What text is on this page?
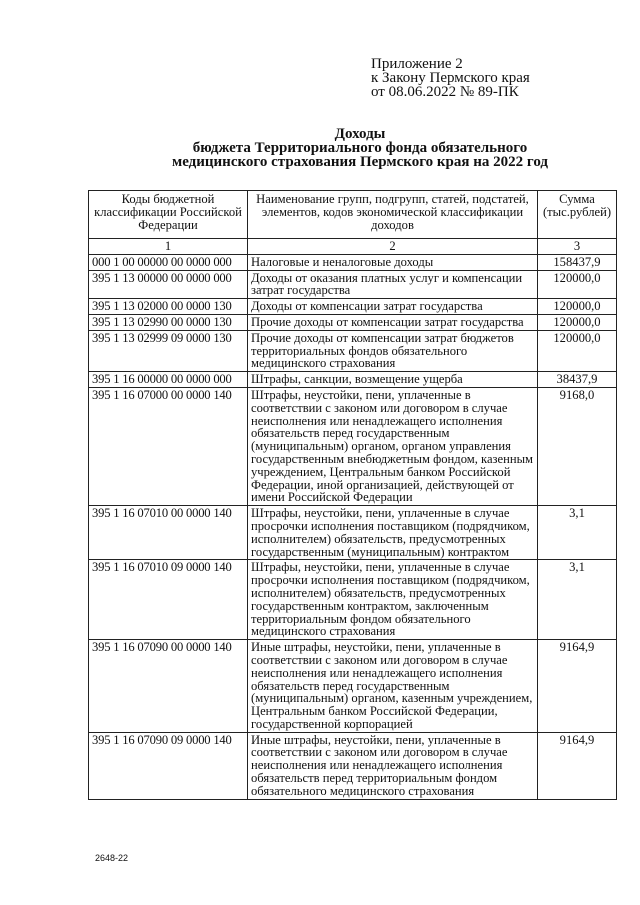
Приложение 2
к Закону Пермского края
от 08.06.2022 № 89-ПК
Доходы
бюджета Территориального фонда обязательного
медицинского страхования Пермского края на 2022 год
Коды бюджетной классификации Российской Федерации	Наименование групп, подгрупп, статей, подстатей, элементов, кодов экономической классификации доходов	Сумма (тыс.рублей)
1	2	3
000 1 00 00000 00 0000 000	Налоговые и неналоговые доходы	158437,9
395 1 13 00000 00 0000 000	Доходы от оказания платных услуг и компенсации затрат государства	120000,0
395 1 13 02000 00 0000 130	Доходы от компенсации затрат государства	120000,0
395 1 13 02990 00 0000 130	Прочие доходы от компенсации затрат государства	120000,0
395 1 13 02999 09 0000 130	Прочие доходы от компенсации затрат бюджетов территориальных фондов обязательного медицинского страхования	120000,0
395 1 16 00000 00 0000 000	Штрафы, санкции, возмещение ущерба	38437,9
395 1 16 07000 00 0000 140	Штрафы, неустойки, пени, уплаченные в соответствии с законом или договором в случае неисполнения или ненадлежащего исполнения обязательств перед государственным (муниципальным) органом, органом управления государственным внебюджетным фондом, казенным учреждением, Центральным банком Российской Федерации, иной организацией, действующей от имени Российской Федерации	9168,0
395 1 16 07010 00 0000 140	Штрафы, неустойки, пени, уплаченные в случае просрочки исполнения поставщиком (подрядчиком, исполнителем) обязательств, предусмотренных государственным (муниципальным) контрактом	3,1
395 1 16 07010 09 0000 140	Штрафы, неустойки, пени, уплаченные в случае просрочки исполнения поставщиком (подрядчиком, исполнителем) обязательств, предусмотренных государственным контрактом, заключенным территориальным фондом обязательного медицинского страхования	3,1
395 1 16 07090 00 0000 140	Иные штрафы, неустойки, пени, уплаченные в соответствии с законом или договором в случае неисполнения или ненадлежащего исполнения обязательств перед государственным (муниципальным) органом, казенным учреждением, Центральным банком Российской Федерации, государственной корпорацией	9164,9
395 1 16 07090 09 0000 140	Иные штрафы, неустойки, пени, уплаченные в соответствии с законом или договором в случае неисполнения или ненадлежащего исполнения обязательств перед территориальным фондом обязательного медицинского страхования	9164,9
2648-22
